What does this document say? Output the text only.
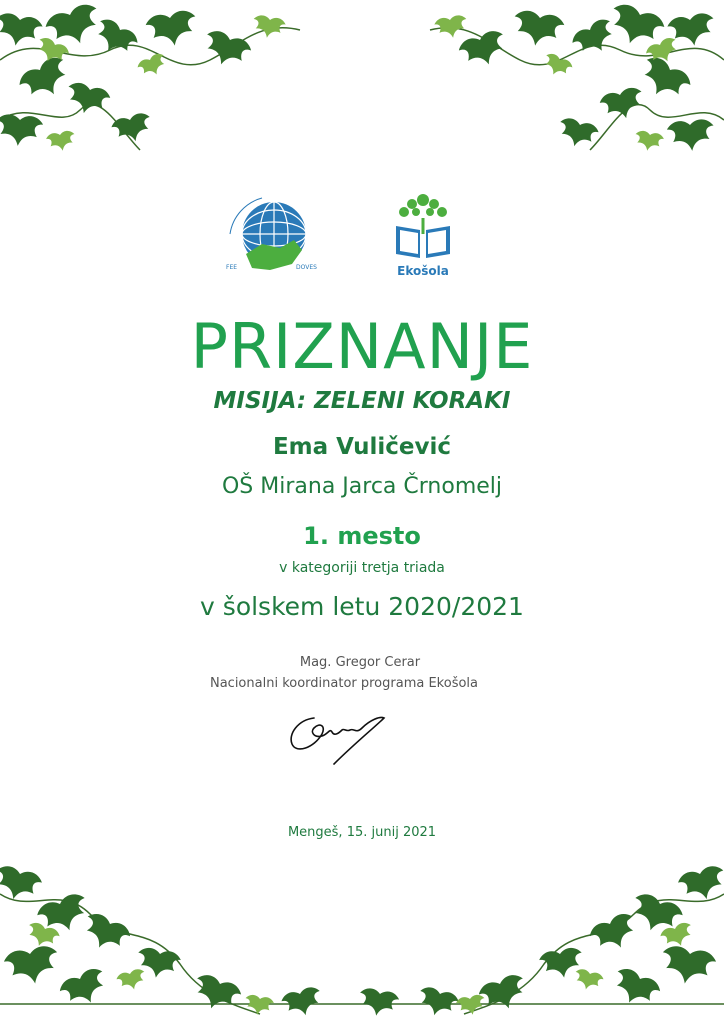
FEE	DOVES	Ekošola
PRIZNANJE
MISIJA: ZELENI KORAKI
Ema Vuličević
OŠ Mirana Jarca Črnomelj
1. mesto
v kategoriji tretja triada
v šolskem letu 2020/2021
Mag. Gregor Cerar
Nacionalni koordinator programa Ekošola
Mengeš, 15. junij 2021
